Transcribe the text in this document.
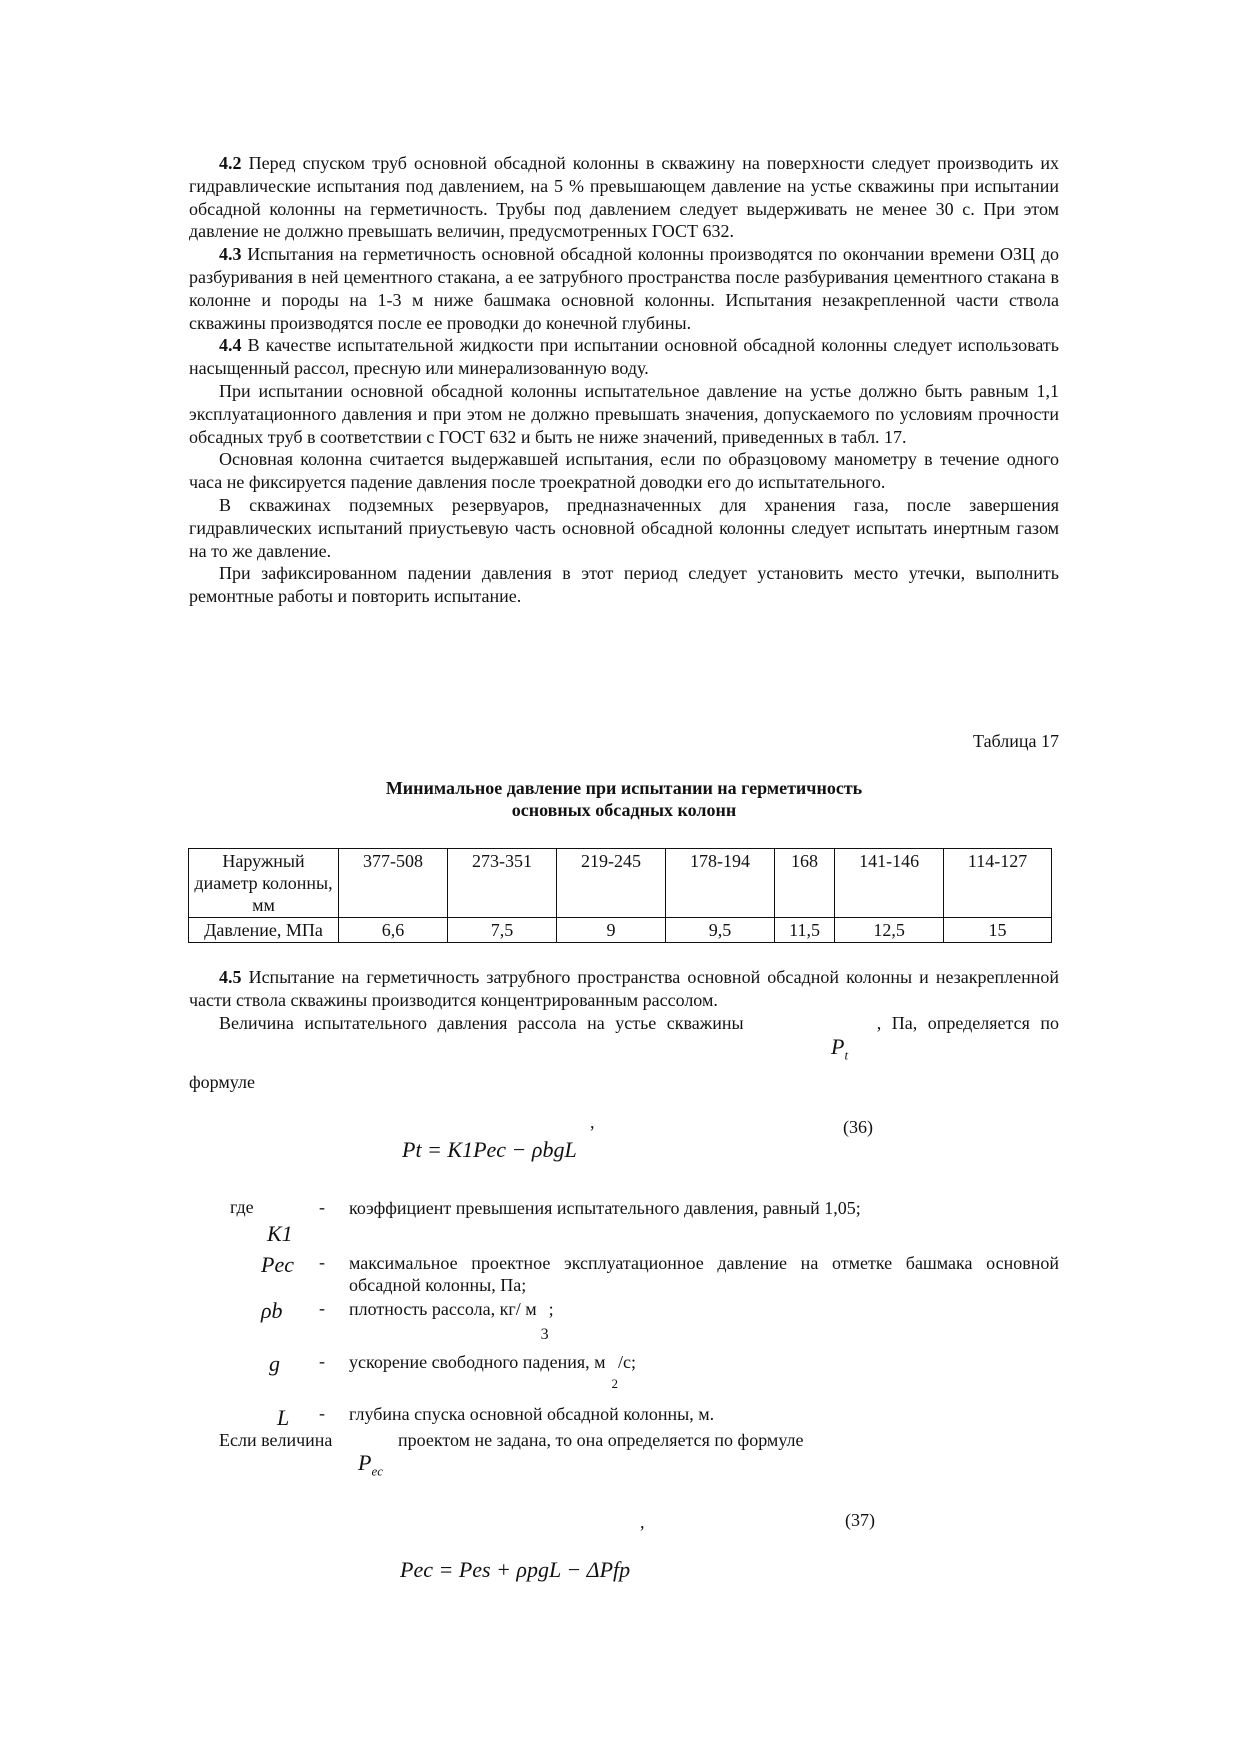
4.2 Перед спуском труб основной обсадной колонны в скважину на поверхности следует производить их гидравлические испытания под давлением, на 5 % превышающем давление на устье скважины при испытании обсадной колонны на герметичность. Трубы под давлением следует выдерживать не менее 30 с. При этом давление не должно превышать величин, предусмотренных ГОСТ 632.

4.3 Испытания на герметичность основной обсадной колонны производятся по окончании времени ОЗЦ до разбуривания в ней цементного стакана, а ее затрубного пространства после разбуривания цементного стакана в колонне и породы на 1-3 м ниже башмака основной колонны. Испытания незакрепленной части ствола скважины производятся после ее проводки до конечной глубины.

4.4 В качестве испытательной жидкости при испытании основной обсадной колонны следует использовать насыщенный рассол, пресную или минерализованную воду.

При испытании основной обсадной колонны испытательное давление на устье должно быть равным 1,1 эксплуатационного давления и при этом не должно превышать значения, допускаемого по условиям прочности обсадных труб в соответствии с ГОСТ 632 и быть не ниже значений, приведенных в табл. 17.

Основная колонна считается выдержавшей испытания, если по образцовому манометру в течение одного часа не фиксируется падение давления после троекратной доводки его до испытательного.

В скважинах подземных резервуаров, предназначенных для хранения газа, после завершения гидравлических испытаний приустьевую часть основной обсадной колонны следует испытать инертным газом на то же давление.

При зафиксированном падении давления в этот период следует установить место утечки, выполнить ремонтные работы и повторить испытание.

Таблица 17
Минимальное давление при испытании на герметичность
основных обсадных колонн
Наружный диаметр колонны, мм	377-508	273-351	219-245	178-194	168	141-146	114-127
Давление, МПа	6,6	7,5	9	9,5	11,5	12,5	15

4.5 Испытание на герметичность затрубного пространства основной обсадной колонны и незакрепленной части ствола скважины производится концентрированным рассолом.

Величина испытательного давления рассола на устье скважины	, Па, определяется по
$P_t$
формуле
Pt = K1Pec − ρbgL
,	(36)
где
K1
- коэффициент превышения испытательного давления, равный 1,05;
Pec - максимальное проектное эксплуатационное давление на отметке башмака основной обсадной колонны, Па;
ρb - плотность рассола, кг/ м3;
g - ускорение свободного падения, $м_2/с$;
L - глубина спуска основной обсадной колонны, м.
Если величина	проектом не задана, то она определяется по формуле
$P_{ec}$
Pec = Pes + ρpgL − ΔPfp
,	(37)
